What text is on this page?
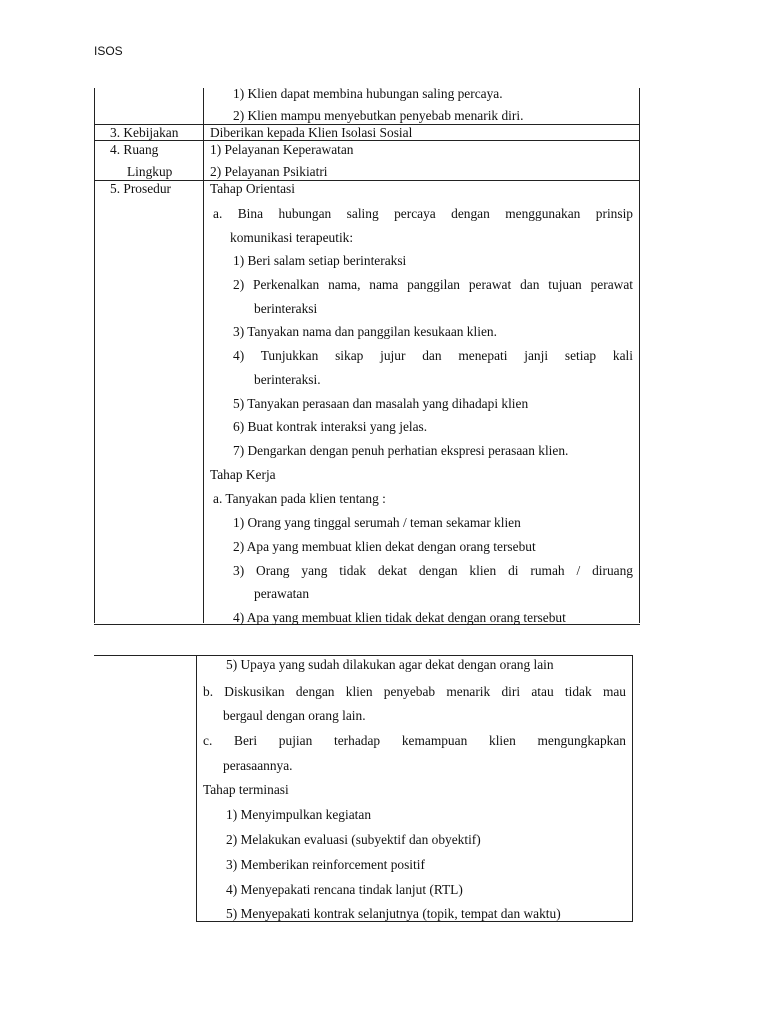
ISOS
1) Klien dapat membina hubungan saling percaya.
2) Klien mampu menyebutkan penyebab menarik diri.
3. Kebijakan Diberikan kepada Klien Isolasi Sosial
4. Ruang
Lingkup
1) Pelayanan Keperawatan
2) Pelayanan Psikiatri
5. Prosedur	Tahap Orientasi
a. Bina hubungan saling percaya dengan menggunakan prinsip
komunikasi terapeutik:
1) Beri salam setiap berinteraksi
2) Perkenalkan nama, nama panggilan perawat dan tujuan perawat
berinteraksi
3) Tanyakan nama dan panggilan kesukaan klien.
4) Tunjukkan sikap jujur dan menepati janji setiap kali
berinteraksi.
5) Tanyakan perasaan dan masalah yang dihadapi klien
6) Buat kontrak interaksi yang jelas.
7) Dengarkan dengan penuh perhatian ekspresi perasaan klien.
Tahap Kerja
a. Tanyakan pada klien tentang :
1) Orang yang tinggal serumah / teman sekamar klien
2) Apa yang membuat klien dekat dengan orang tersebut
3) Orang yang tidak dekat dengan klien di rumah / diruang
perawatan
4) Apa yang membuat klien tidak dekat dengan orang tersebut
5) Upaya yang sudah dilakukan agar dekat dengan orang lain
b. Diskusikan dengan klien penyebab menarik diri atau tidak mau
bergaul dengan orang lain.
c. Beri pujian terhadap kemampuan klien mengungkapkan
perasaannya.
Tahap terminasi
1) Menyimpulkan kegiatan
2) Melakukan evaluasi (subyektif dan obyektif)
3) Memberikan reinforcement positif
4) Menyepakati rencana tindak lanjut (RTL)
5) Menyepakati kontrak selanjutnya (topik, tempat dan waktu)
